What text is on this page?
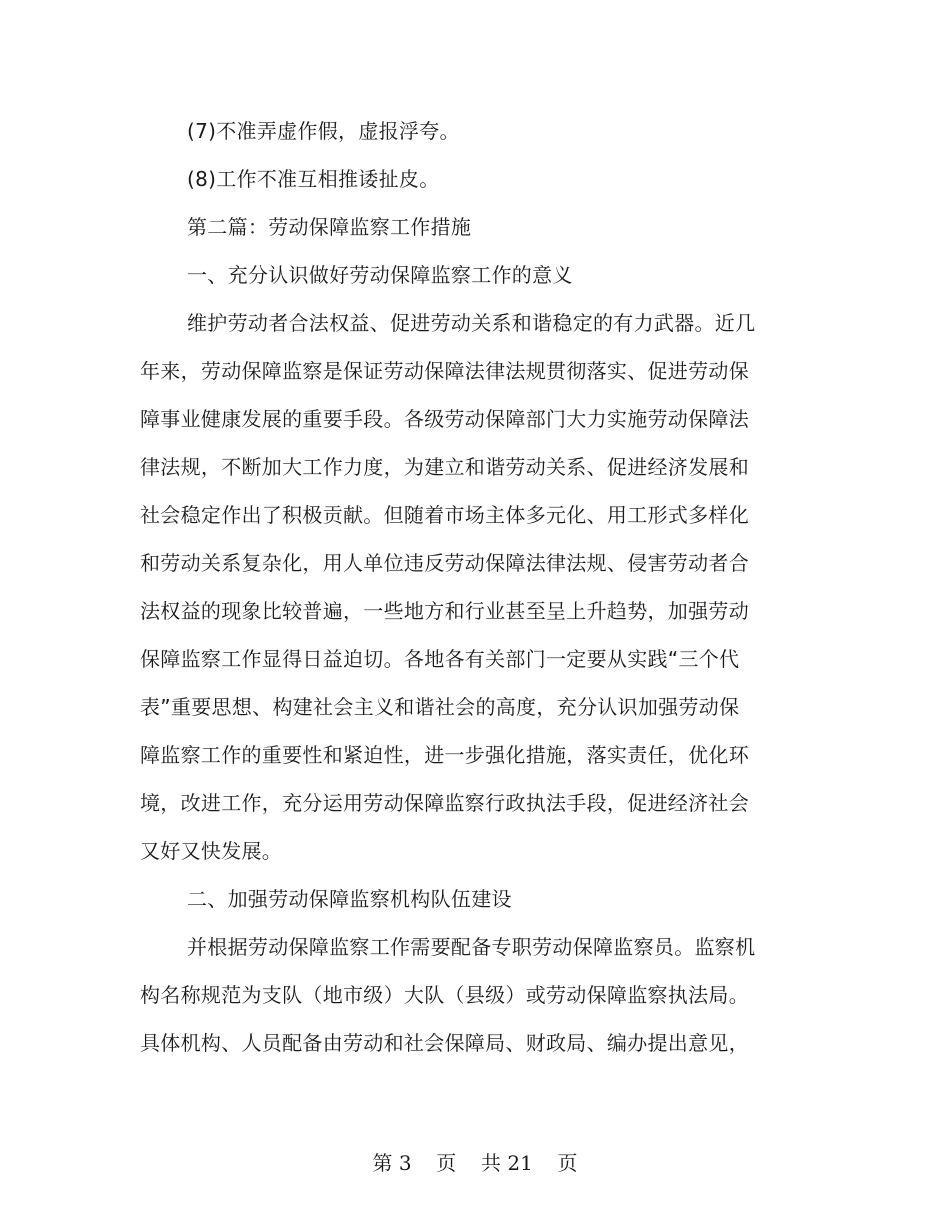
(7)不准弄虚作假，虚报浮夸。
(8)工作不准互相推诿扯皮。
第二篇：劳动保障监察工作措施
一、充分认识做好劳动保障监察工作的意义
维护劳动者合法权益、促进劳动关系和谐稳定的有力武器。近几
年来，劳动保障监察是保证劳动保障法律法规贯彻落实、促进劳动保
障事业健康发展的重要手段。各级劳动保障部门大力实施劳动保障法
律法规，不断加大工作力度，为建立和谐劳动关系、促进经济发展和
社会稳定作出了积极贡献。但随着市场主体多元化、用工形式多样化
和劳动关系复杂化，用人单位违反劳动保障法律法规、侵害劳动者合
法权益的现象比较普遍，一些地方和行业甚至呈上升趋势，加强劳动
保障监察工作显得日益迫切。各地各有关部门一定要从实践“三个代
表”重要思想、构建社会主义和谐社会的高度，充分认识加强劳动保
障监察工作的重要性和紧迫性，进一步强化措施，落实责任，优化环
境，改进工作，充分运用劳动保障监察行政执法手段，促进经济社会
又好又快发展。
二、加强劳动保障监察机构队伍建设
并根据劳动保障监察工作需要配备专职劳动保障监察员。监察机
构名称规范为支队（地市级）大队（县级）或劳动保障监察执法局。
具体机构、人员配备由劳动和社会保障局、财政局、编办提出意见，
第 3 页 共 21 页
